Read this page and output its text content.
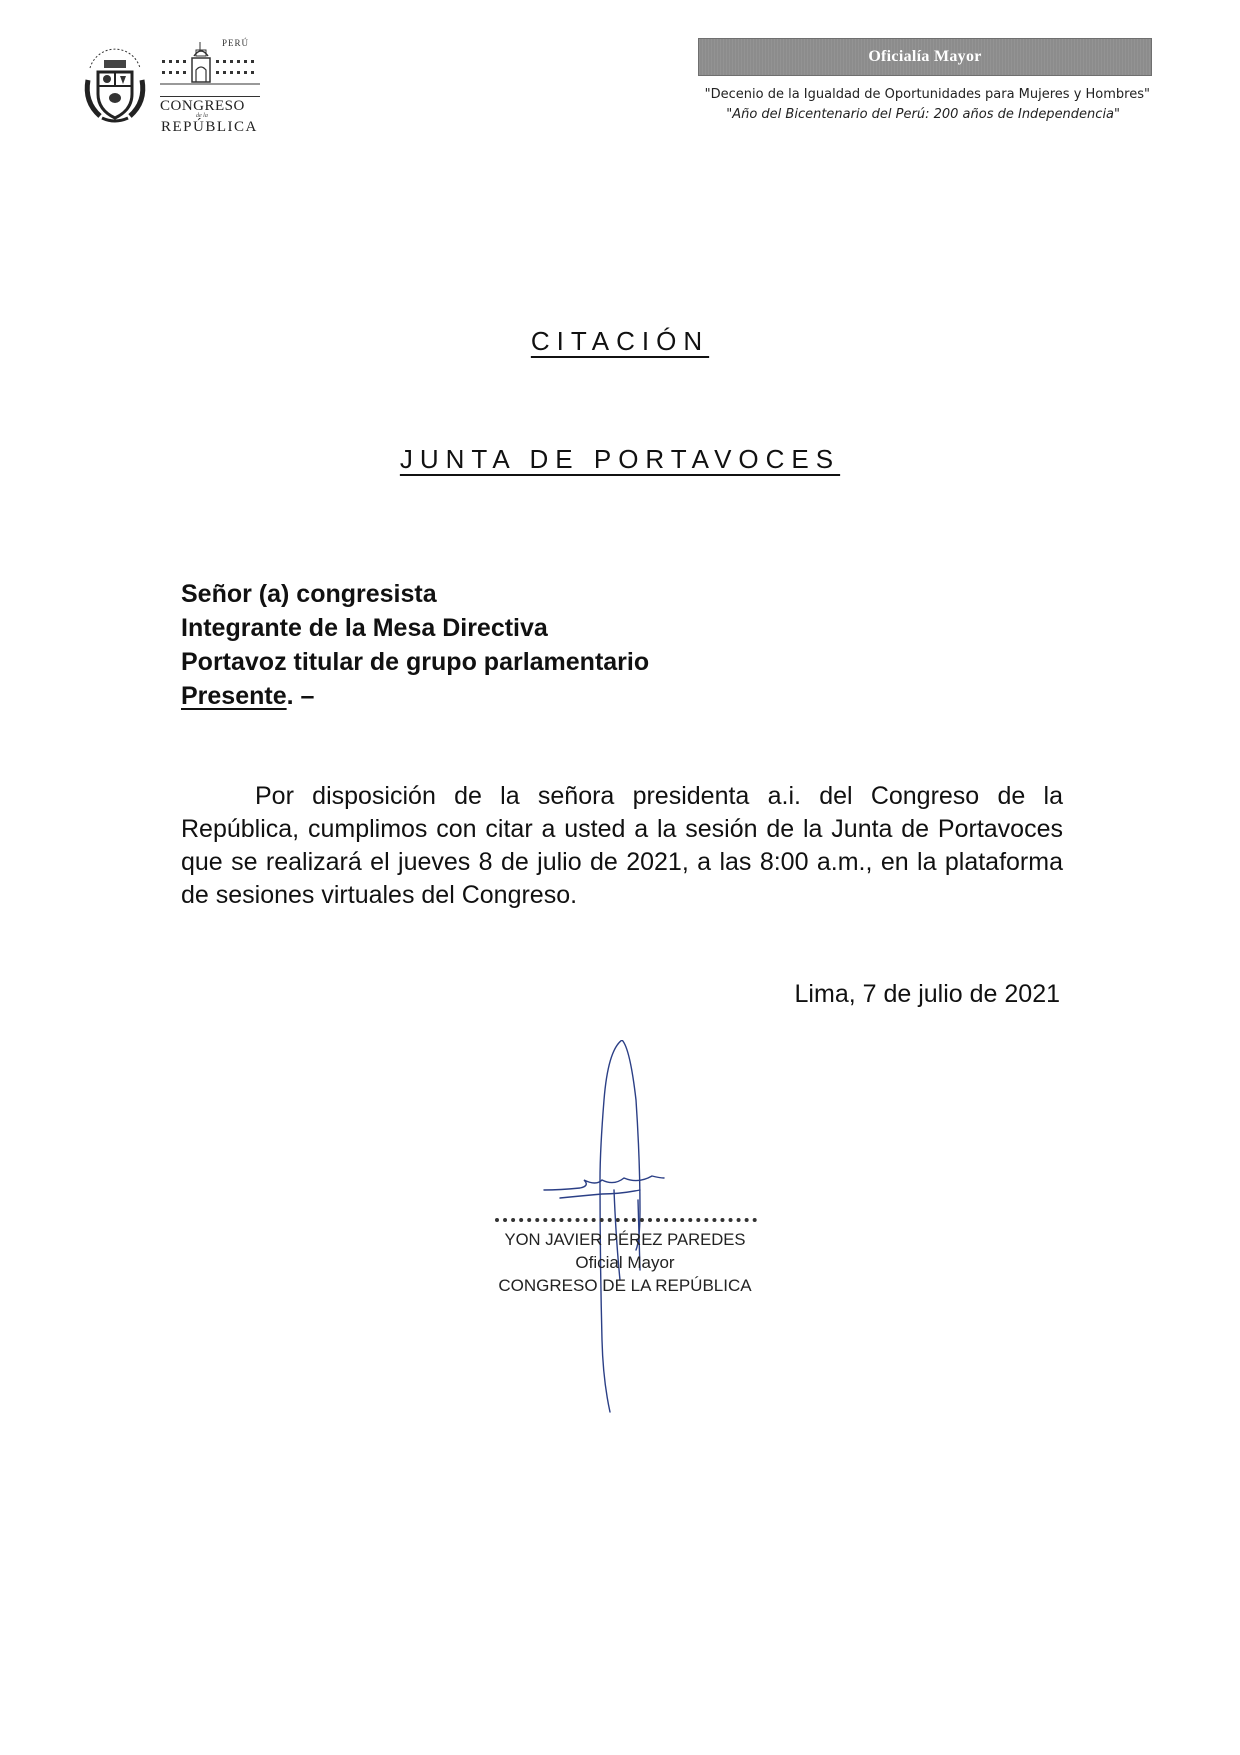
PERÚ
CONGRESO
de la
REPÚBLICA
Oficialía Mayor
"Decenio de la Igualdad de Oportunidades para Mujeres y Hombres"
"Año del Bicentenario del Perú: 200 años de Independencia"
CITACIÓN
JUNTA DE PORTAVOCES
Señor (a) congresista
Integrante de la Mesa Directiva
Portavoz titular de grupo parlamentario
Presente. –
Por disposición de la señora presidenta a.i. del Congreso de la República, cumplimos con citar a usted a la sesión de la Junta de Portavoces que se realizará el jueves 8 de julio de 2021, a las 8:00 a.m., en la plataforma de sesiones virtuales del Congreso.
Lima, 7 de julio de 2021
YON JAVIER PÉREZ PAREDES
Oficial Mayor
CONGRESO DE LA REPÚBLICA
